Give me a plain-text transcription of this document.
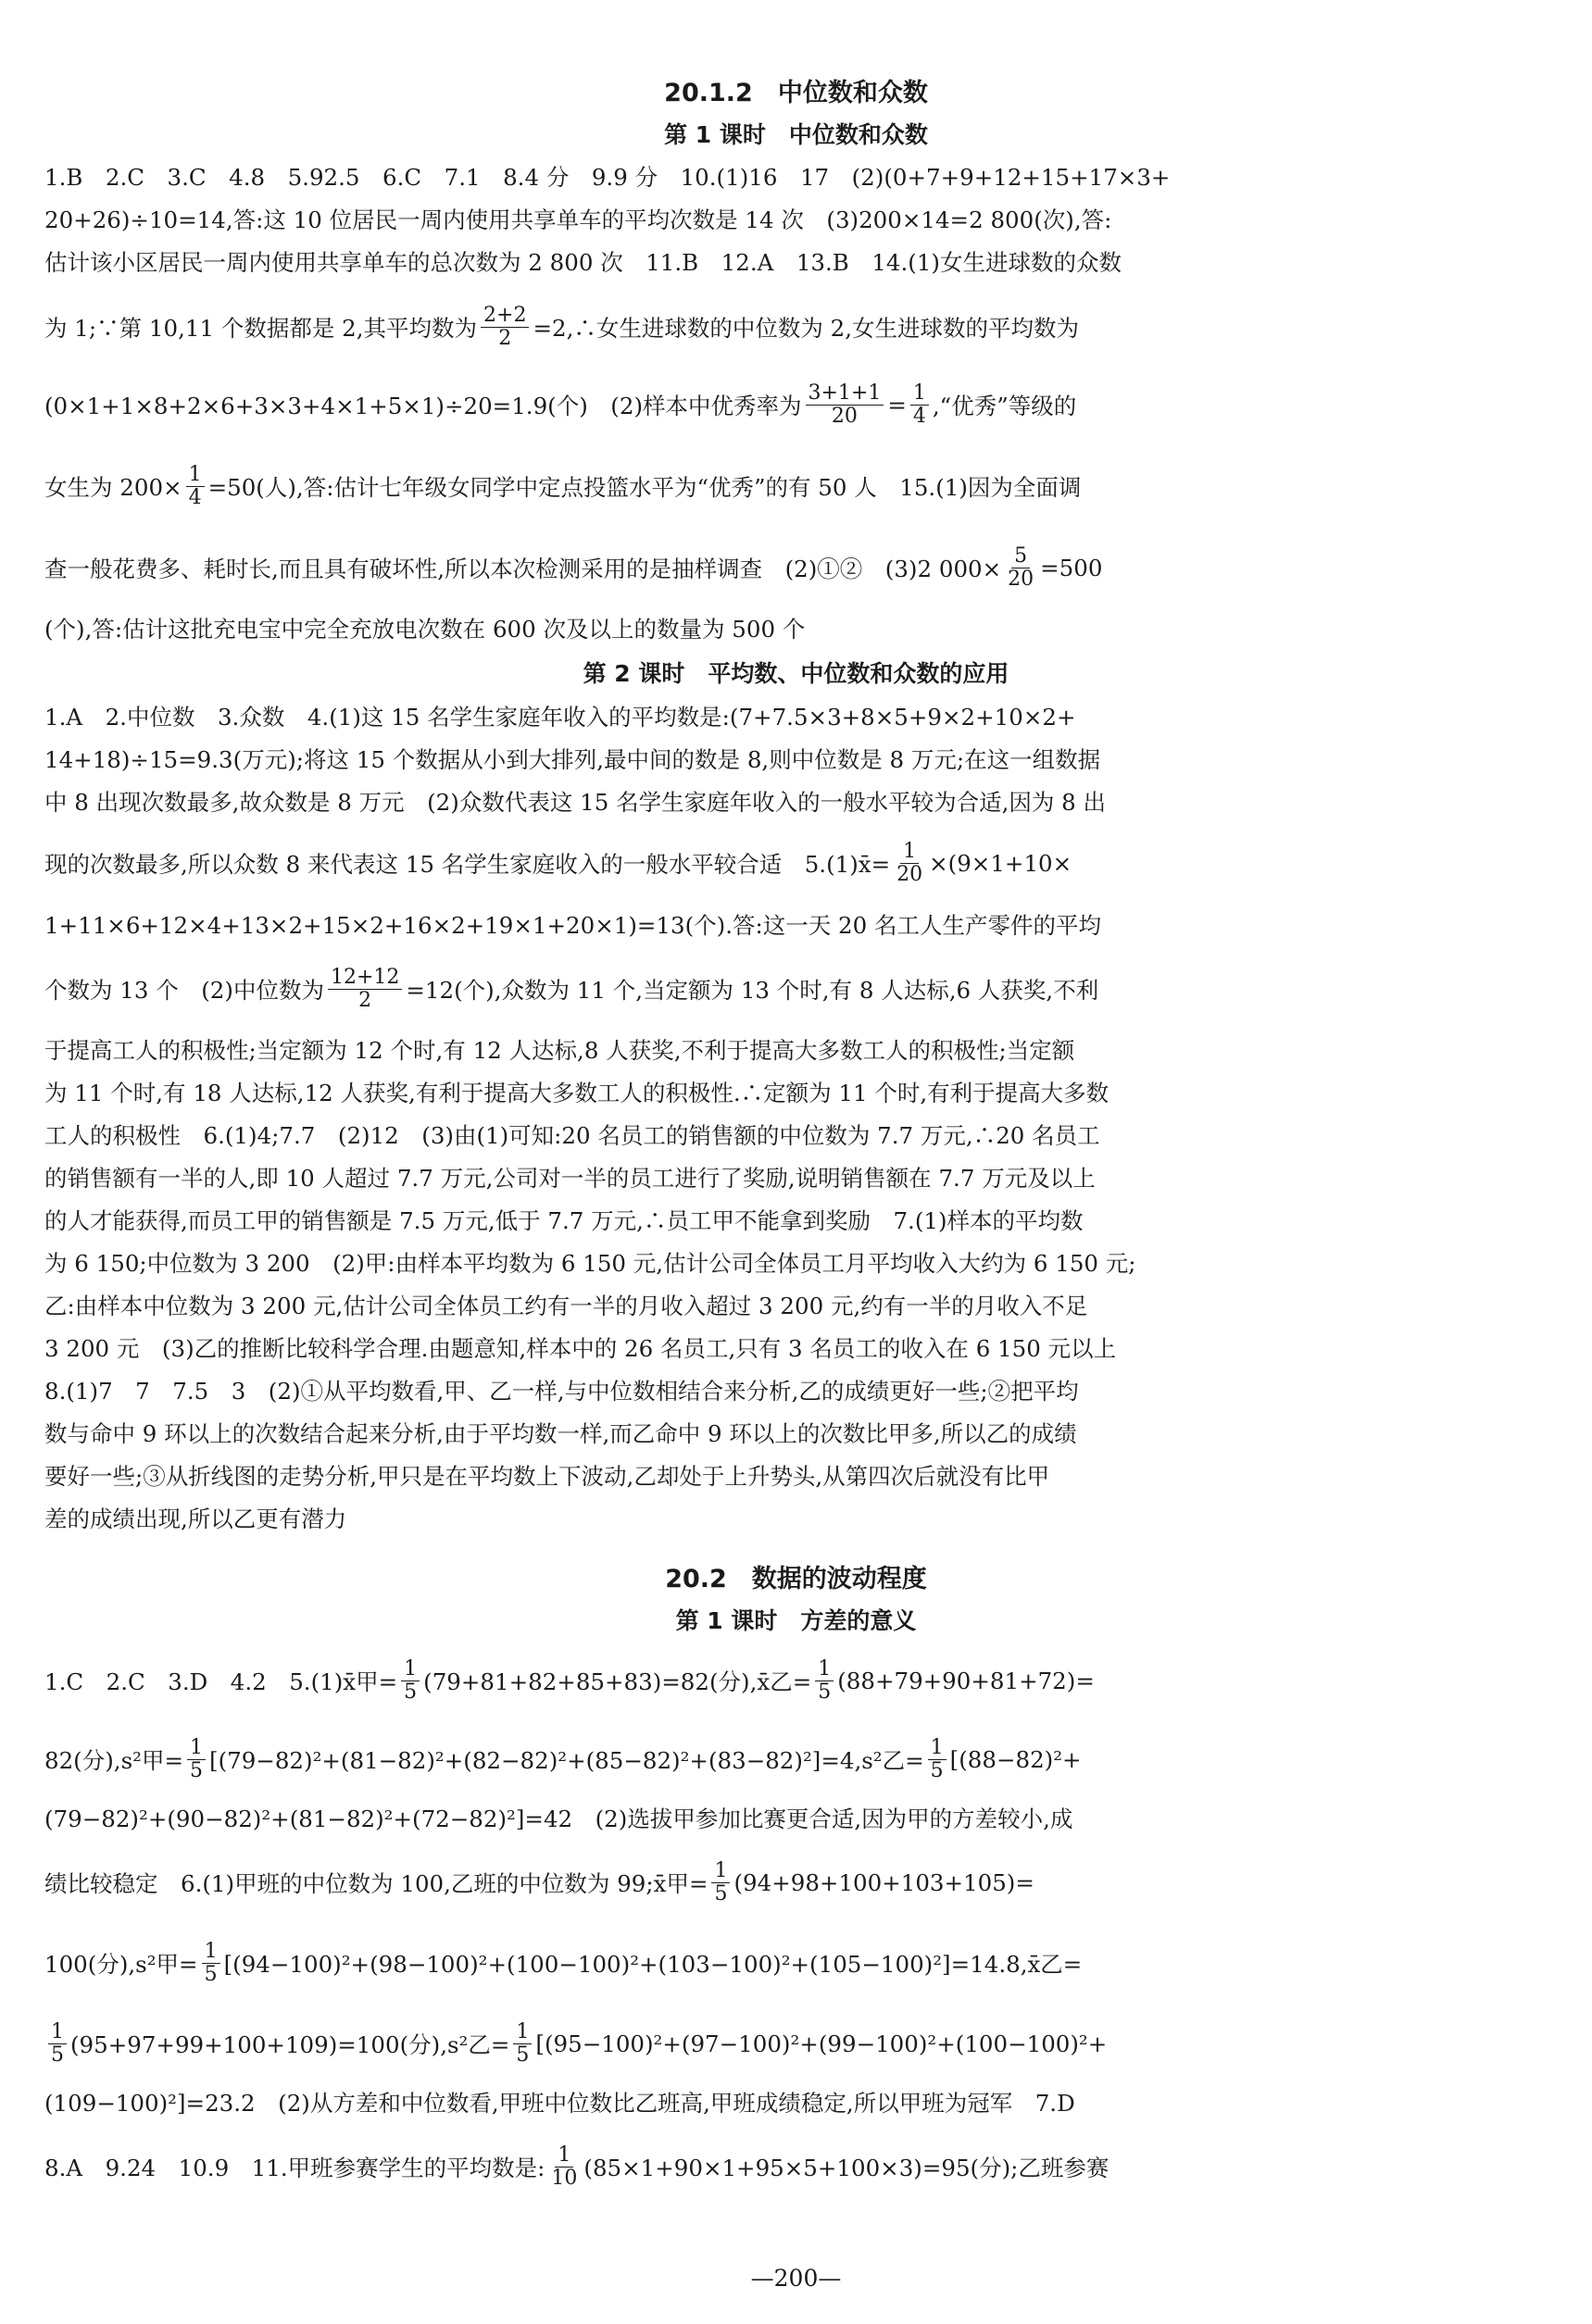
20.1.2　中位数和众数
第 1 课时　中位数和众数
1.B　2.C　3.C　4.8　5.92.5　6.C　7.1　8.4 分　9.9 分　10.(1)16　17　(2)(0+7+9+12+15+17×3+
20+26)÷10=14,答:这 10 位居民一周内使用共享单车的平均次数是 14 次　(3)200×14=2 800(次),答:
估计该小区居民一周内使用共享单车的总次数为 2 800 次　11.B　12.A　13.B　14.(1)女生进球数的众数
为 1;∵第 10,11 个数据都是 2,其平均数为 $\frac{2+2}{2}$ =2,∴女生进球数的中位数为 2,女生进球数的平均数为
(0×1+1×8+2×6+3×3+4×1+5×1)÷20=1.9(个)　(2)样本中优秀率为 $\frac{3+1+1}{20} = \frac{1}{4}$ ,“优秀”等级的
女生为 $200\times \frac{1}{4} =50$(人),答:估计七年级女同学中定点投篮水平为“优秀”的有 50 人　15.(1)因为全面调
查一般花费多、耗时长,而且具有破坏性,所以本次检测采用的是抽样调查　(2)①②　(3)2 $000\times \frac{5}{20} =500$
(个),答:估计这批充电宝中完全充放电次数在 600 次及以上的数量为 500 个
第 2 课时　平均数、中位数和众数的应用
1.A　2.中位数　3.众数　4.(1)这 15 名学生家庭年收入的平均数是:(7+7.5×3+8×5+9×2+10×2+
14+18)÷15=9.3(万元);将这 15 个数据从小到大排列,最中间的数是 8,则中位数是 8 万元;在这一组数据
中 8 出现次数最多,故众数是 8 万元　(2)众数代表这 15 名学生家庭年收入的一般水平较为合适,因为 8 出
现的次数最多,所以众数 8 来代表这 15 名学生家庭收入的一般水平较合适　5.(1)x̄= $\frac{1}{20} \times(9\times 1+10\times$
1+11×6+12×4+13×2+15×2+16×2+19×1+20×1)=13(个).答:这一天 20 名工人生产零件的平均
个数为 13 个　(2)中位数为 $\frac{12+12}{2} =12$(个),众数为 11 个,当定额为 13 个时,有 8 人达标,6 人获奖,不利
于提高工人的积极性;当定额为 12 个时,有 12 人达标,8 人获奖,不利于提高大多数工人的积极性;当定额
为 11 个时,有 18 人达标,12 人获奖,有利于提高大多数工人的积极性.∴定额为 11 个时,有利于提高大多数
工人的积极性　6.(1)4;7.7　(2)12　(3)由(1)可知:20 名员工的销售额的中位数为 7.7 万元,∴20 名员工
的销售额有一半的人,即 10 人超过 7.7 万元,公司对一半的员工进行了奖励,说明销售额在 7.7 万元及以上
的人才能获得,而员工甲的销售额是 7.5 万元,低于 7.7 万元,∴员工甲不能拿到奖励　7.(1)样本的平均数
为 6 150;中位数为 3 200　(2)甲:由样本平均数为 6 150 元,估计公司全体员工月平均收入大约为 6 150 元;
乙:由样本中位数为 3 200 元,估计公司全体员工约有一半的月收入超过 3 200 元,约有一半的月收入不足
3 200 元　(3)乙的推断比较科学合理.由题意知,样本中的 26 名员工,只有 3 名员工的收入在 6 150 元以上
8.(1)7　7　7.5　3　(2)①从平均数看,甲、乙一样,与中位数相结合来分析,乙的成绩更好一些;②把平均
数与命中 9 环以上的次数结合起来分析,由于平均数一样,而乙命中 9 环以上的次数比甲多,所以乙的成绩
要好一些;③从折线图的走势分析,甲只是在平均数上下波动,乙却处于上升势头,从第四次后就没有比甲
差的成绩出现,所以乙更有潜力
20.2　数据的波动程度
第 1 课时　方差的意义
1.C　2.C　3.D　4.2　5.(1)x̄甲= $\frac{1}{5} (79+81+82+85+83)=82$(分),x̄乙= $\frac{1}{5} (88+79+90+81+72)=$
82(分),s²甲= $\frac{1}{5} [(79-82)^2+(81-82)^2+(82-82)^2+(85-82)^2+(83-82)^2]=4,s^2$乙= $\frac{1}{5} [(88-82)^2+$
(79−82)²+(90−82)²+(81−82)²+(72−82)²]=42　(2)选拔甲参加比赛更合适,因为甲的方差较小,成
绩比较稳定　6.(1)甲班的中位数为 100,乙班的中位数为 99;x̄甲= $\frac{1}{5} (94+98+100+103+105)=$
100(分),s²甲= $\frac{1}{5}$ [(94−100)²+(98−100)²+(100−100)²+(103−100)²+(105−100)²]=14.8,x̄乙=
$\frac{1}{5} (95+97+99+100+109)=100$(分),s²乙= $\frac{1}{5} [(95-100)^2+(97-100)^2+(99-100)^2+(100-100)^2+$
(109−100)²]=23.2　(2)从方差和中位数看,甲班中位数比乙班高,甲班成绩稳定,所以甲班为冠军　7.D
8.A　9.24　10.9　11.甲班参赛学生的平均数是: $\frac{1}{10} (85\times 1+90\times 1+95\times 5+100\times 3)=95$(分);乙班参赛
—200—
